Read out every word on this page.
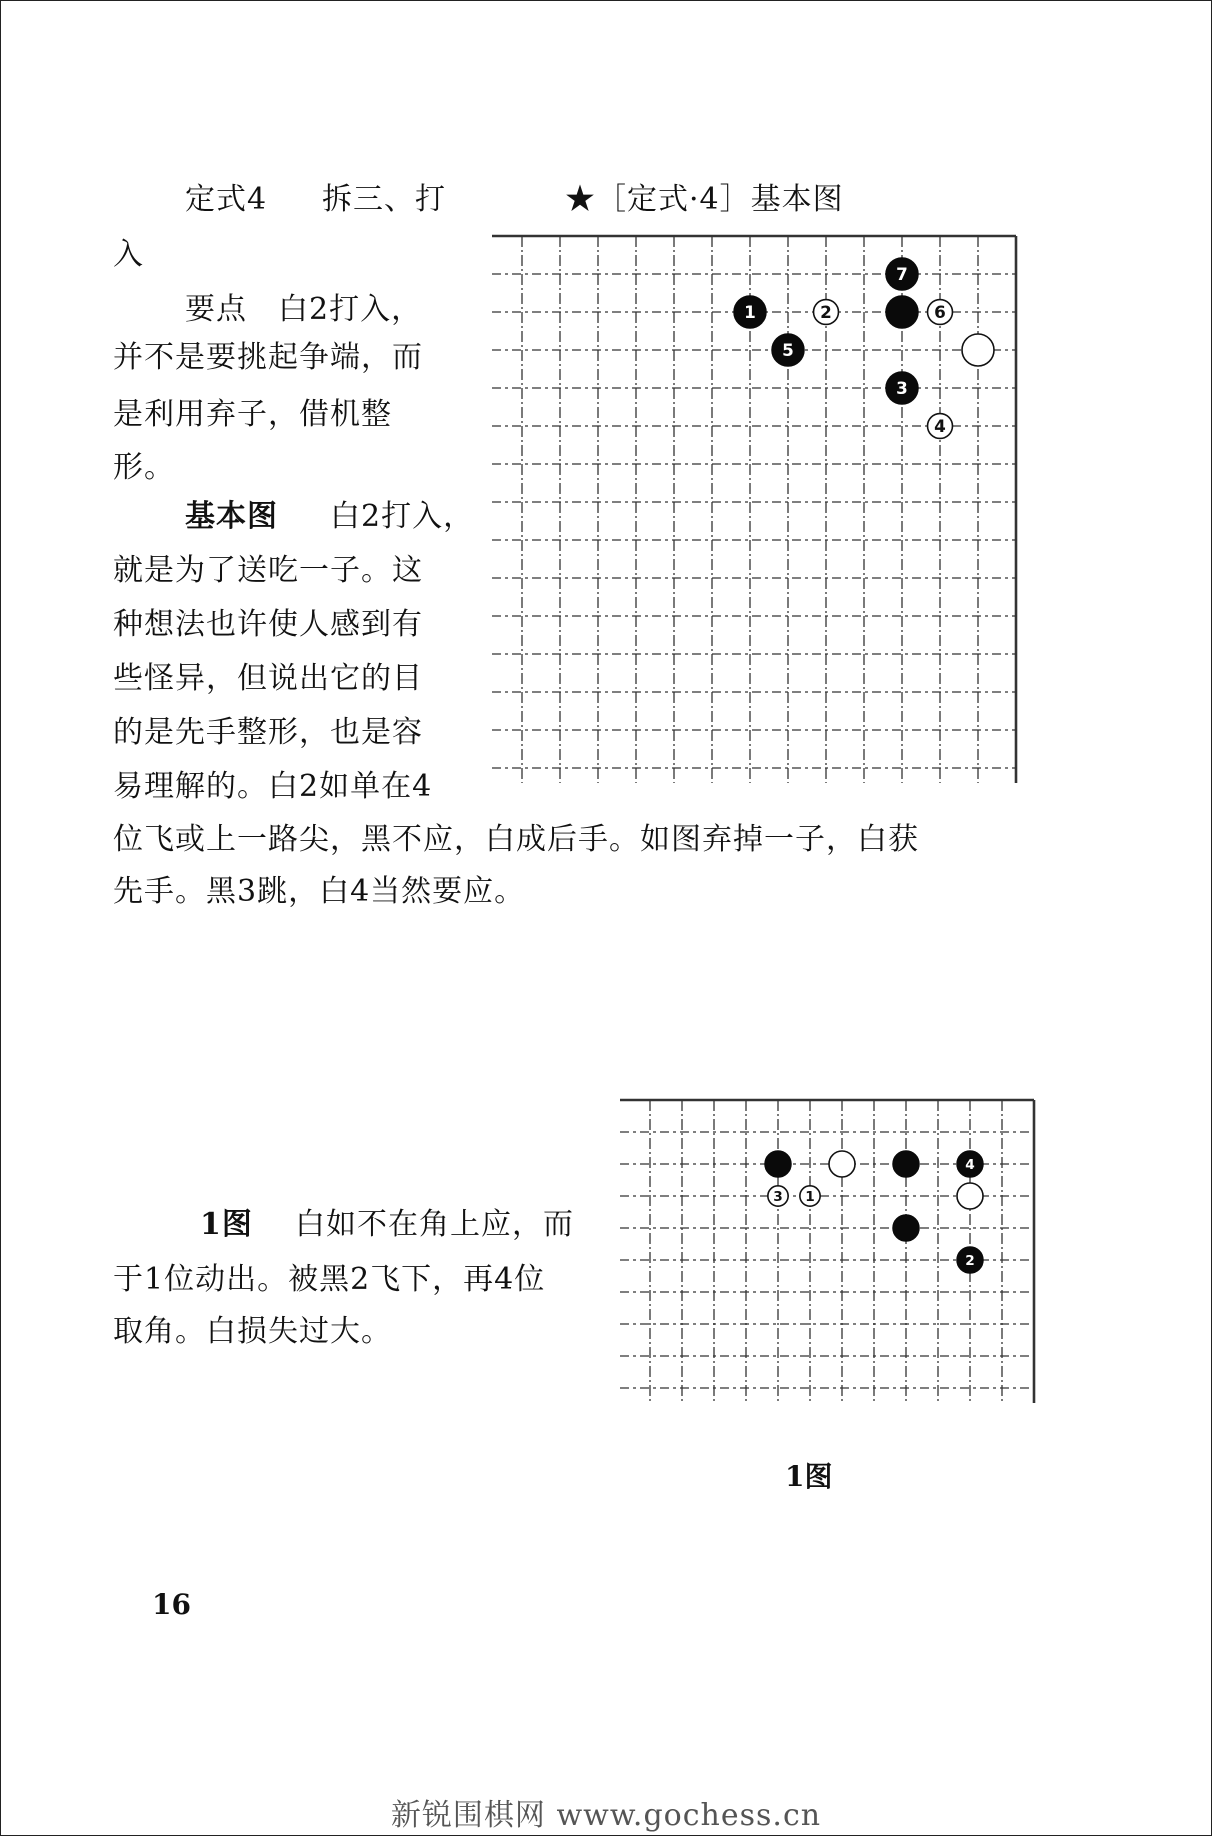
定式4 拆三、打
入
★［定式·4］基本图
要点　白2打入，
并不是要挑起争端，而
是利用弃子，借机整
形。
基本图 白2打入，
就是为了送吃一子。这
种想法也许使人感到有
些怪异，但说出它的目
的是先手整形，也是容
易理解的。白2如单在4
位飞或上一路尖，黑不应，白成后手。如图弃掉一子，白获
先手。黑3跳，白4当然要应。
1	2
3
4
5
7
6
1图 白如不在角上应，而
于1位动出。被黑2飞下，再4位
取角。白损失过大。
4
3 1
2
1图
16
新锐围棋网 www.gochess.cn
